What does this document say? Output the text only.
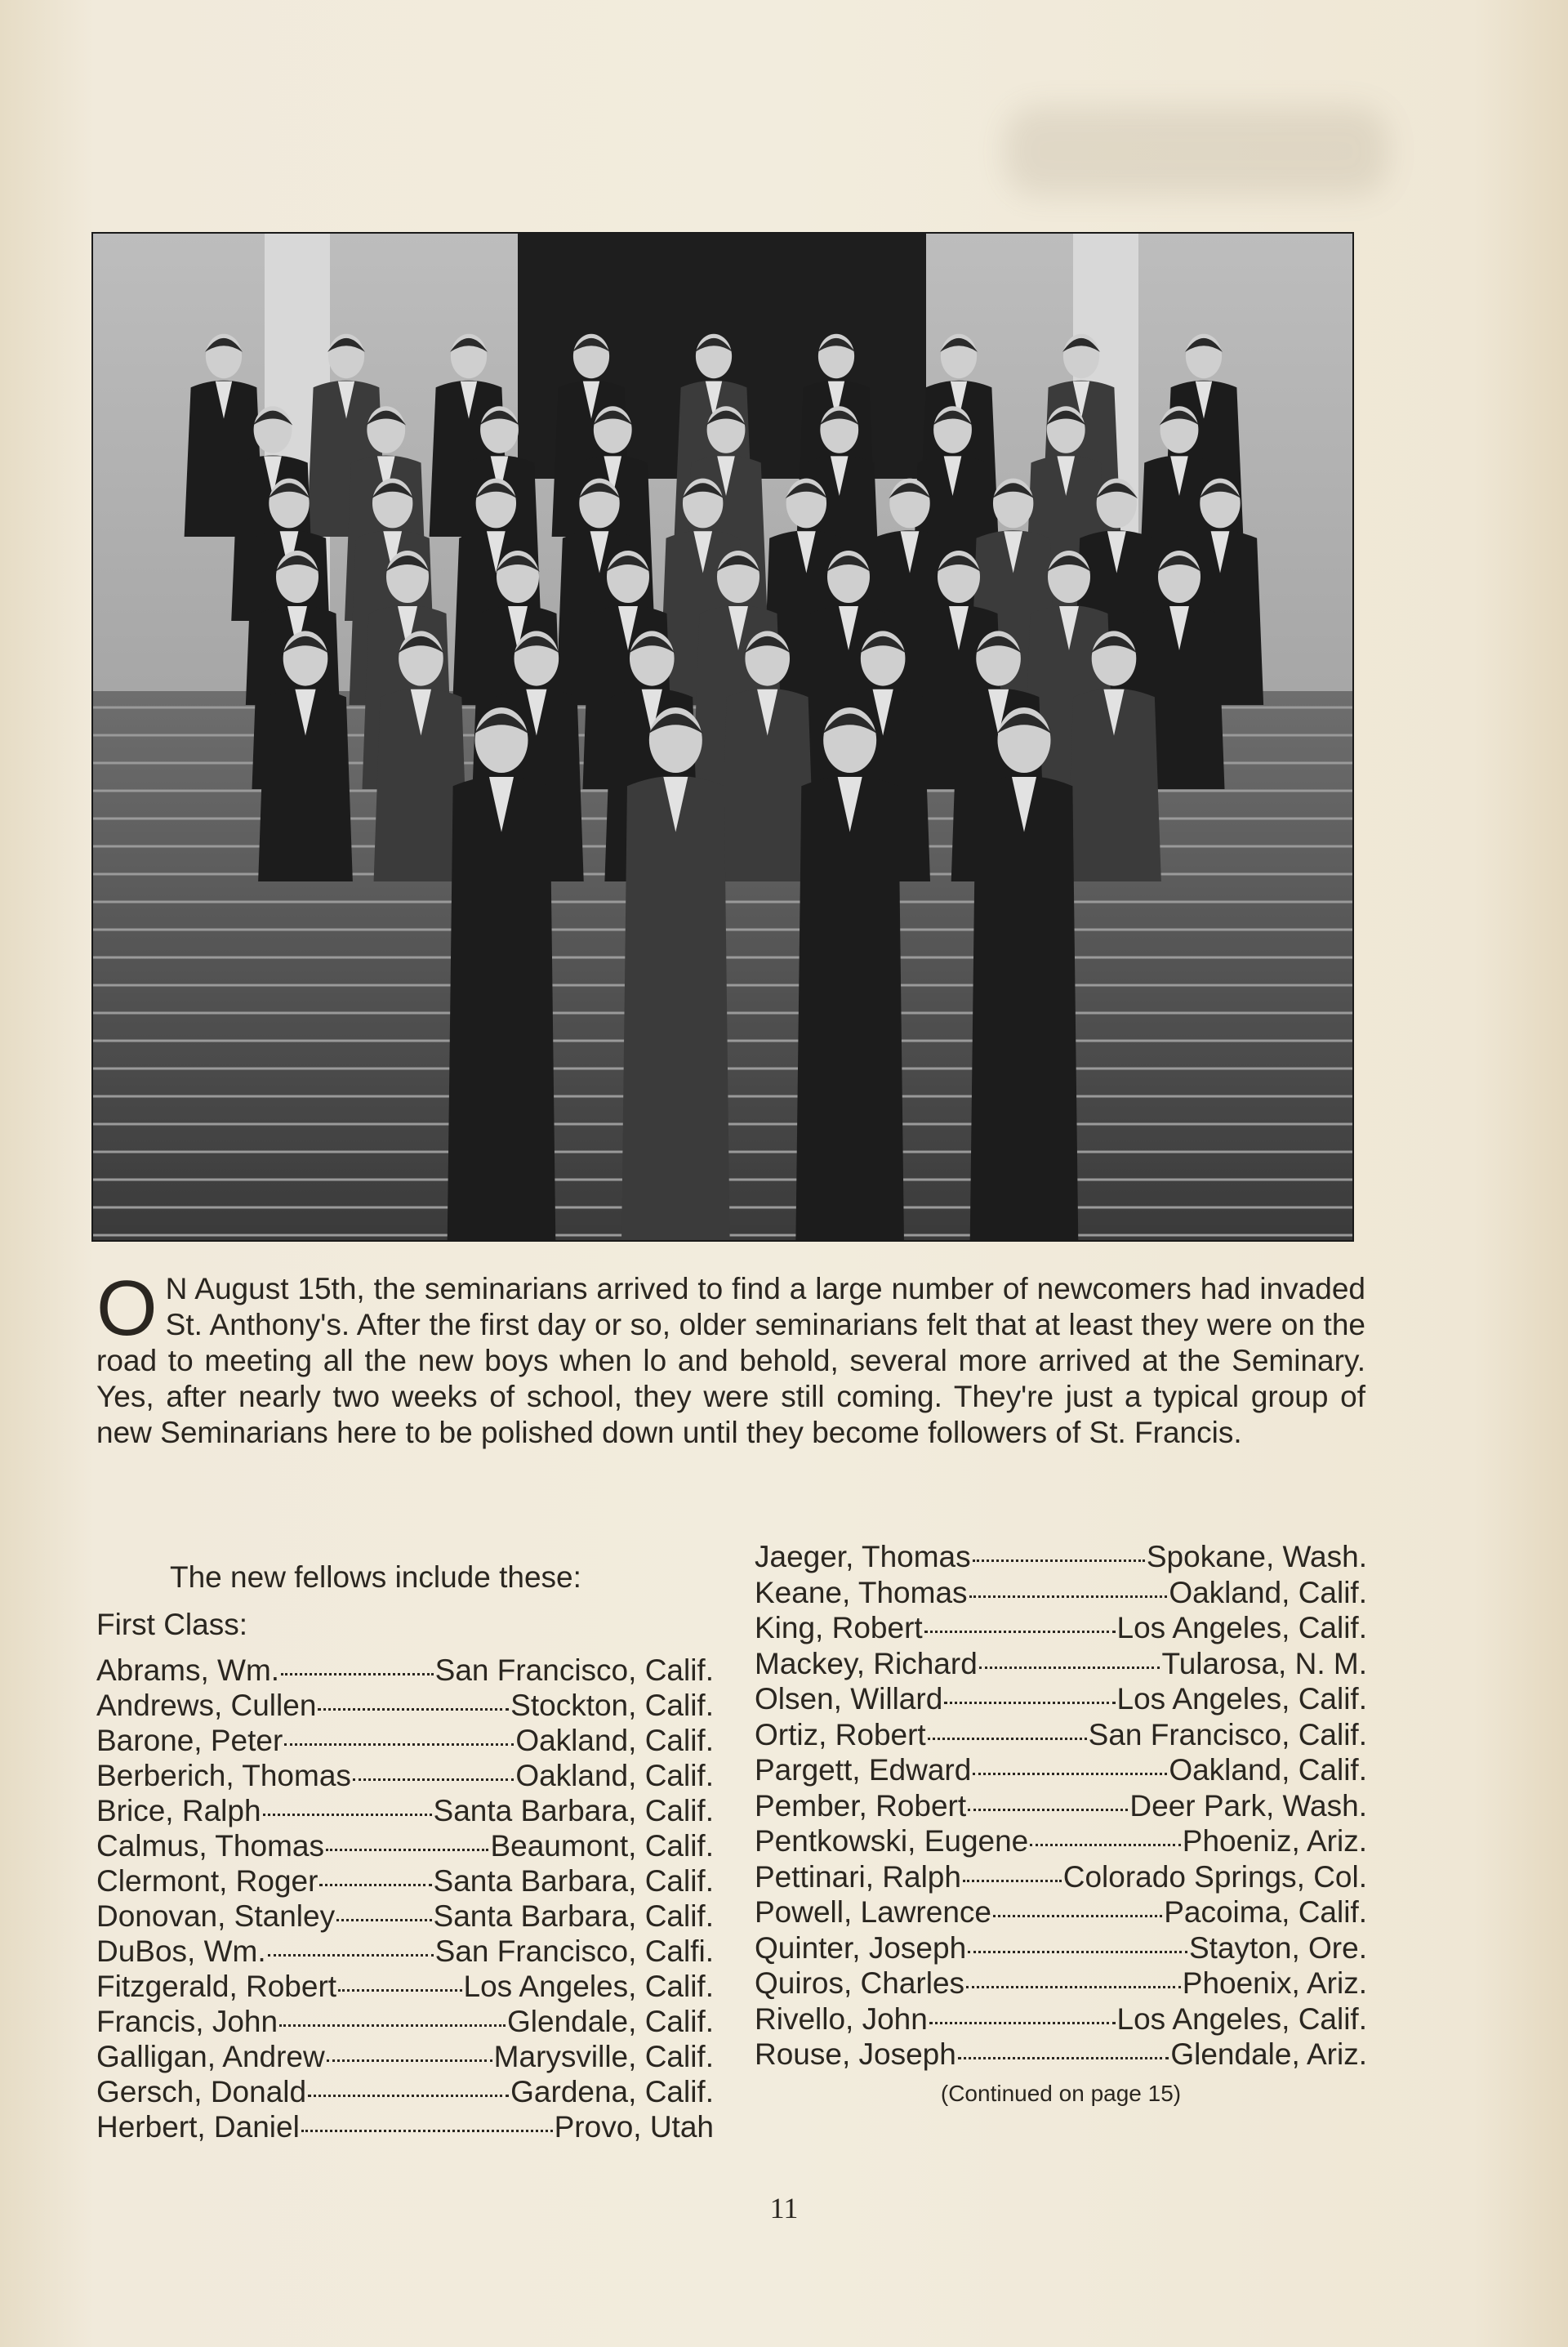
O N August 15th, the seminarians arrived to find a large number of newcomers had invaded St. Anthony's. After the first day or so, older seminarians felt that at least they were on the road to meeting all the new boys when lo and behold, several more arrived at the Seminary. Yes, after nearly two weeks of school, they were still coming. They're just a typical group of new Seminarians here to be polished down until they become followers of St. Francis.
The new fellows include these:
First Class:
Abrams, Wm.	San Francisco, Calif.
Andrews, Cullen	Stockton, Calif.
Barone, Peter	Oakland, Calif.
Berberich, Thomas	Oakland, Calif.
Brice, Ralph	Santa Barbara, Calif.
Calmus, Thomas	Beaumont, Calif.
Clermont, Roger	Santa Barbara, Calif.
Donovan, Stanley	Santa Barbara, Calif.
DuBos, Wm.	San Francisco, Calfi.
Fitzgerald, Robert	Los Angeles, Calif.
Francis, John	Glendale, Calif.
Galligan, Andrew	Marysville, Calif.
Gersch, Donald	Gardena, Calif.
Herbert, Daniel	Provo, Utah
Jaeger, Thomas	Spokane, Wash.
Keane, Thomas	Oakland, Calif.
King, Robert	Los Angeles, Calif.
Mackey, Richard	Tularosa, N. M.
Olsen, Willard	Los Angeles, Calif.
Ortiz, Robert	San Francisco, Calif.
Pargett, Edward	Oakland, Calif.
Pember, Robert	Deer Park, Wash.
Pentkowski, Eugene	Phoeniz, Ariz.
Pettinari, Ralph	Colorado Springs, Col.
Powell, Lawrence	Pacoima, Calif.
Quinter, Joseph	Stayton, Ore.
Quiros, Charles	Phoenix, Ariz.
Rivello, John	Los Angeles, Calif.
Rouse, Joseph	Glendale, Ariz.
(Continued on page 15)
11
